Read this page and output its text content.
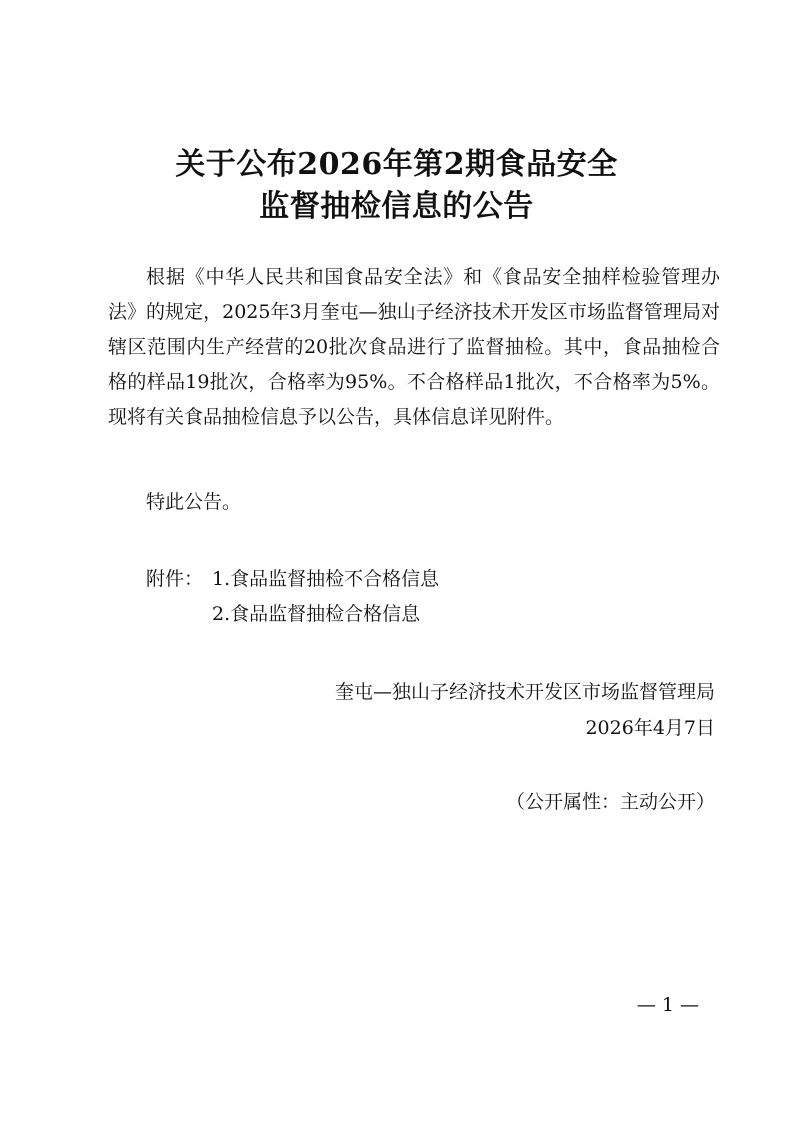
关于公布2026年第2期食品安全
监督抽检信息的公告

根据《中华人民共和国食品安全法》和《食品安全抽样检验管理办法》的规定，2025年3月奎屯—独山子经济技术开发区市场监督管理局对辖区范围内生产经营的20批次食品进行了监督抽检。其中，食品抽检合格的样品19批次，合格率为95%。不合格样品1批次，不合格率为5%。现将有关食品抽检信息予以公告，具体信息详见附件。

特此公告。
附件： 1.食品监督抽检不合格信息
2.食品监督抽检合格信息
奎屯—独山子经济技术开发区市场监督管理局
2026年4月7日
（公开属性：主动公开）
— 1 —
